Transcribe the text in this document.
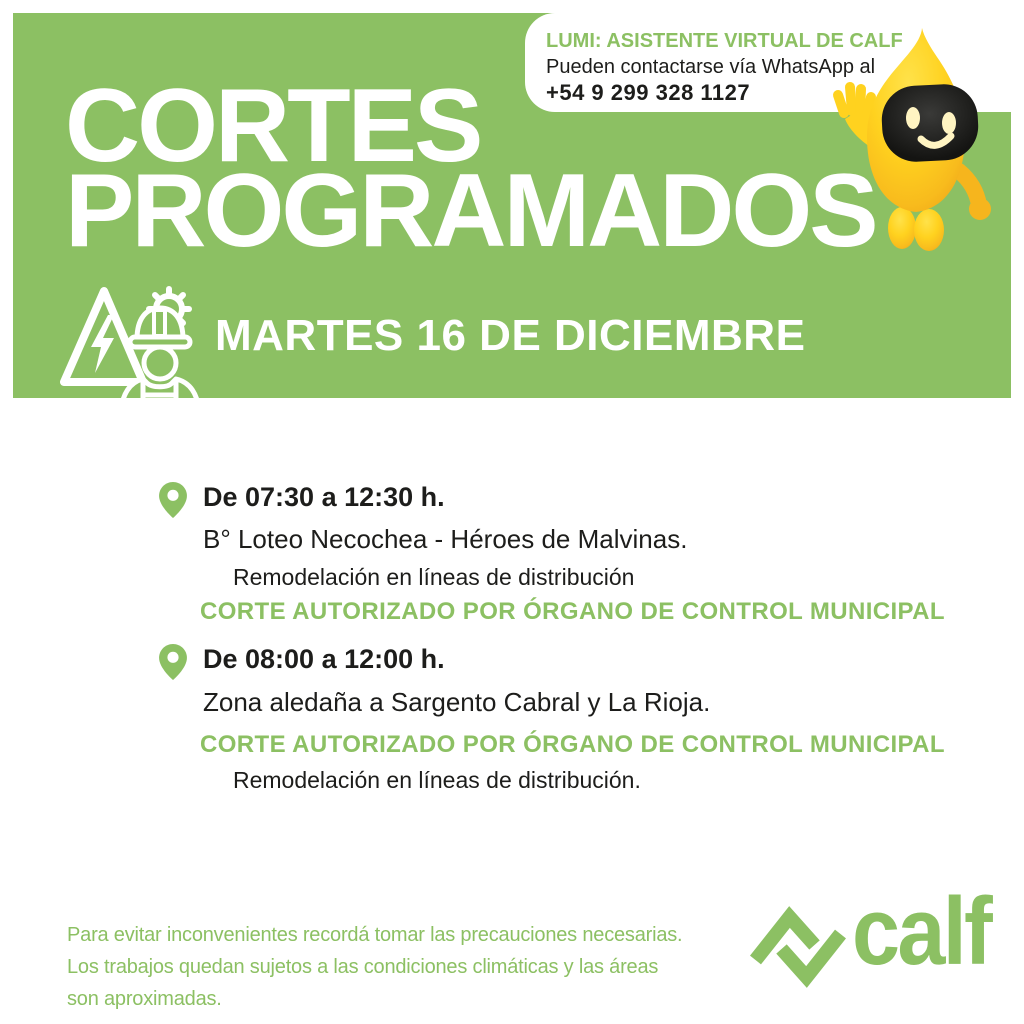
CORTES
PROGRAMADOS
LUMI: ASISTENTE VIRTUAL DE CALF
Pueden contactarse vía WhatsApp al
+54 9 299 328 1127
MARTES 16 DE DICIEMBRE
De 07:30 a 12:30 h.
B° Loteo Necochea - Héroes de Malvinas.
Remodelación en líneas de distribución
CORTE AUTORIZADO POR ÓRGANO DE CONTROL MUNICIPAL
De 08:00 a 12:00 h.
Zona aledaña a Sargento Cabral y La Rioja.
CORTE AUTORIZADO POR ÓRGANO DE CONTROL MUNICIPAL
Remodelación en líneas de distribución.
Para evitar inconvenientes recordá tomar las precauciones necesarias.
Los trabajos quedan sujetos a las condiciones climáticas y las áreas
son aproximadas.
calf
